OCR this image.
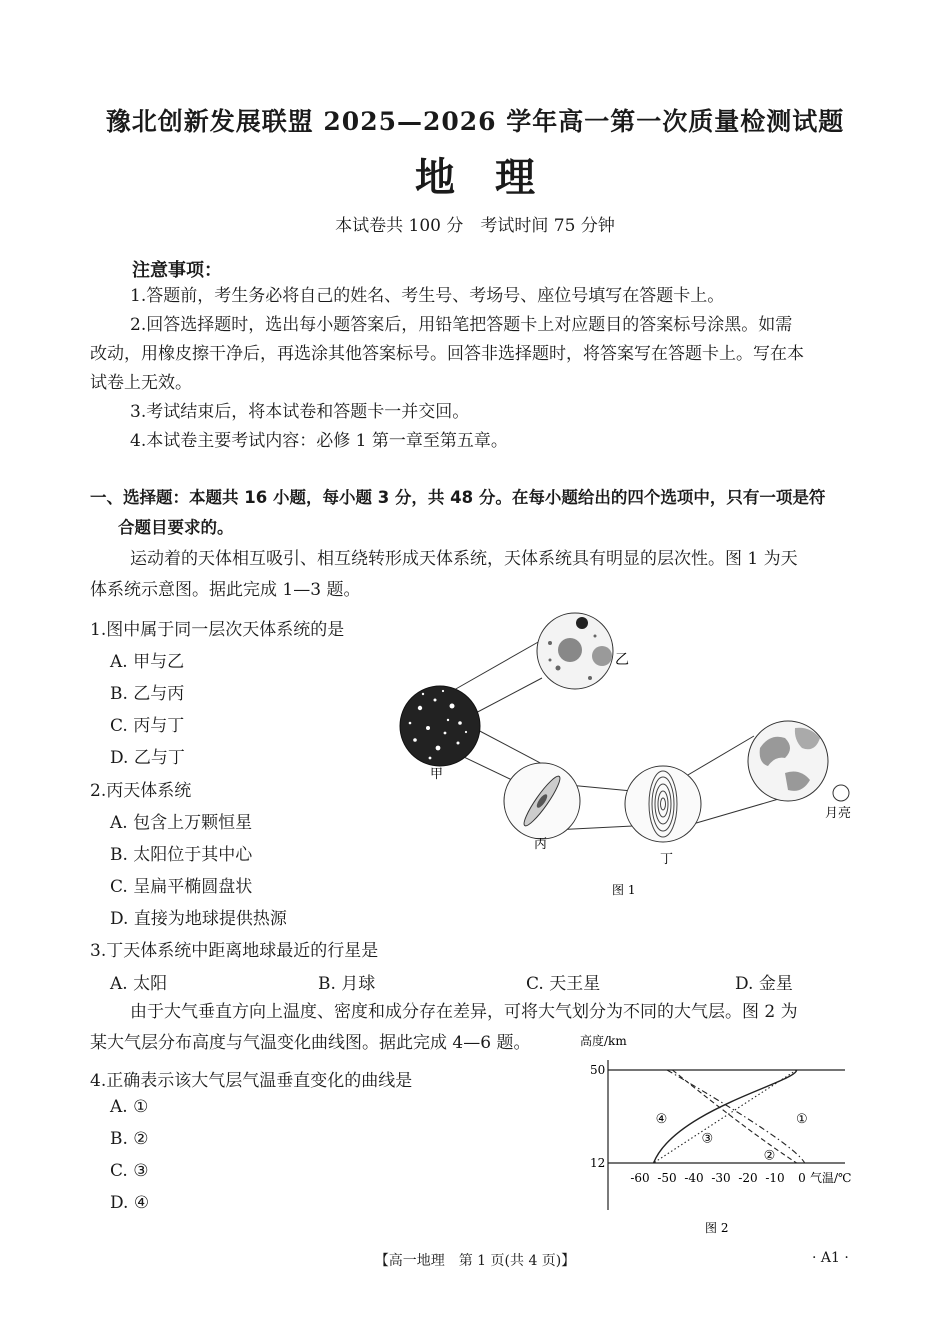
豫北创新发展联盟 2025—2026 学年高一第一次质量检测试题
地　理
本试卷共 100 分　考试时间 75 分钟
注意事项：
1.答题前，考生务必将自己的姓名、考生号、考场号、座位号填写在答题卡上。
2.回答选择题时，选出每小题答案后，用铅笔把答题卡上对应题目的答案标号涂黑。如需
改动，用橡皮擦干净后，再选涂其他答案标号。回答非选择题时，将答案写在答题卡上。写在本
试卷上无效。
3.考试结束后，将本试卷和答题卡一并交回。
4.本试卷主要考试内容：必修 1 第一章至第五章。
一、选择题：本题共 16 小题，每小题 3 分，共 48 分。在每小题给出的四个选项中，只有一项是符
合题目要求的。
运动着的天体相互吸引、相互绕转形成天体系统，天体系统具有明显的层次性。图 1 为天
体系统示意图。据此完成 1—3 题。
1.图中属于同一层次天体系统的是
A. 甲与乙
B. 乙与丙
C. 丙与丁
D. 乙与丁
2.丙天体系统
A. 包含上万颗恒星
B. 太阳位于其中心
C. 呈扁平椭圆盘状
D. 直接为地球提供热源
3.丁天体系统中距离地球最近的行星是
A. 太阳	B. 月球	C. 天王星	D. 金星
由于大气垂直方向上温度、密度和成分存在差异，可将大气划分为不同的大气层。图 2 为
某大气层分布高度与气温变化曲线图。据此完成 4—6 题。
4.正确表示该大气层气温垂直变化的曲线是
A. ①
B. ②
C. ③
D. ④
乙
甲
丙
丁
月亮
图 1
高度/km
50
12
-60 -50 -40 -30 -20 -10 0
①
②
③
④
气温/℃
图 2
【高一地理　第 1 页(共 4 页)】	· A1 ·
